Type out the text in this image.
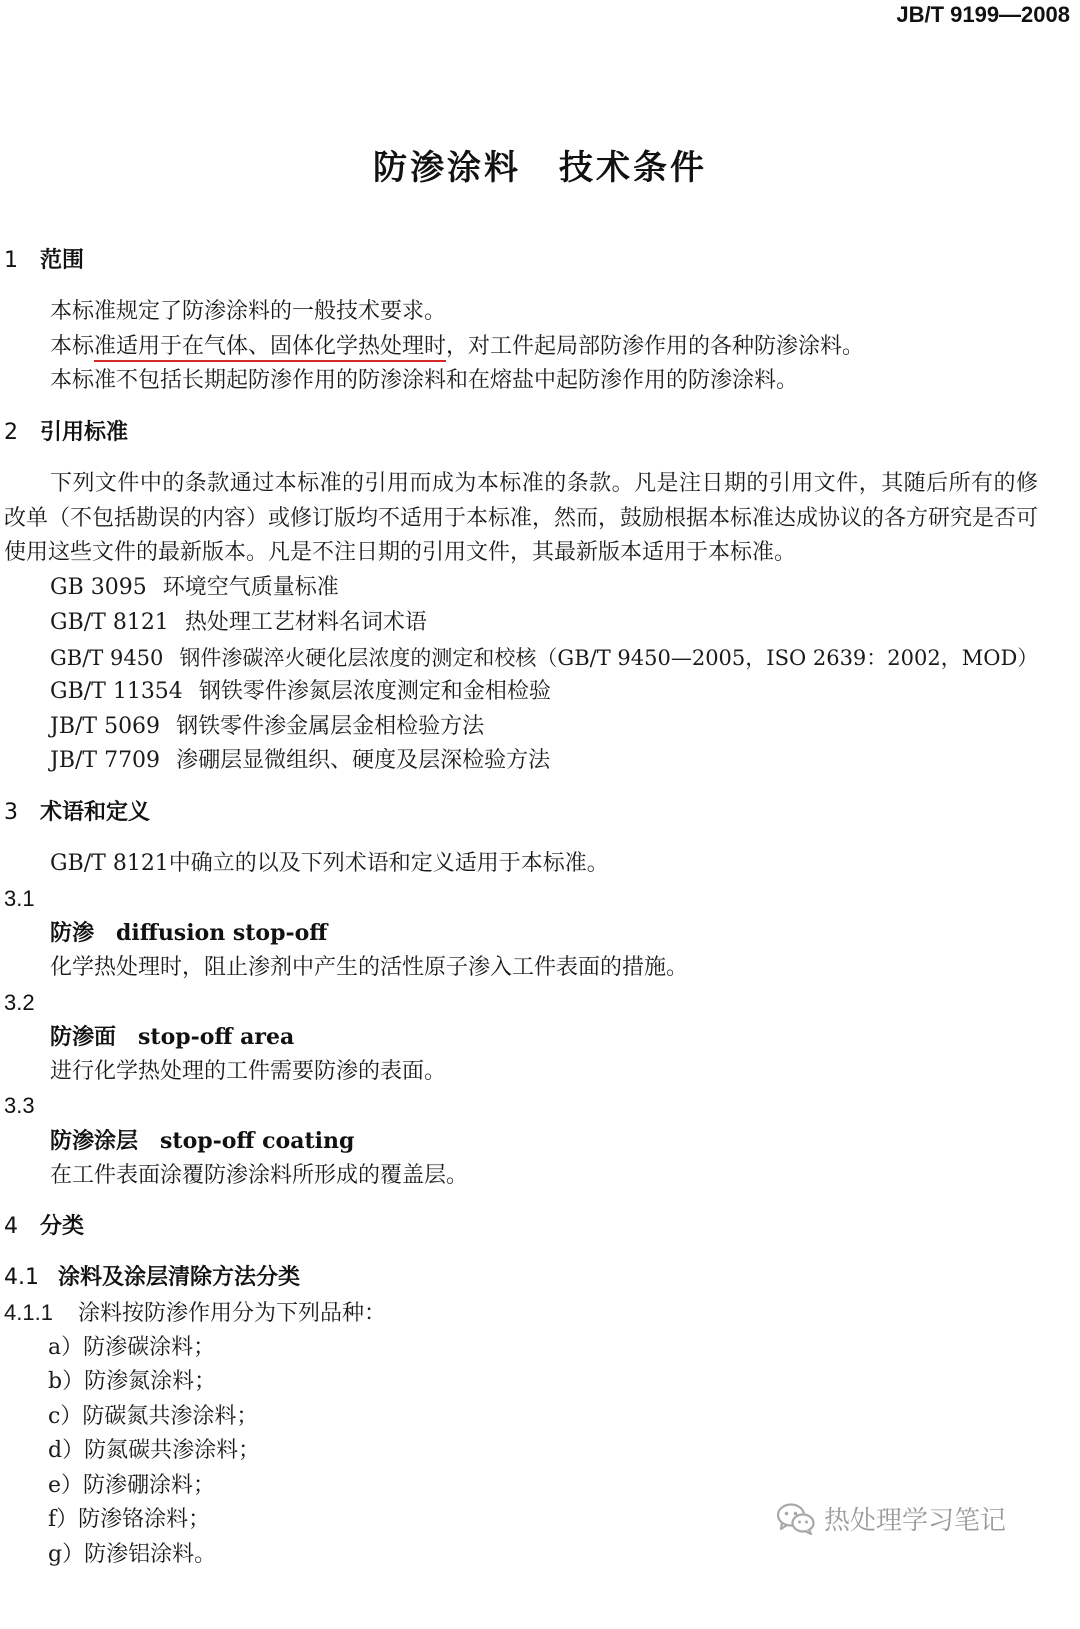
JB/T 9199—2008
防渗涂料 技术条件
1 范围
本标准规定了防渗涂料的一般技术要求。
本标准适用于在气体、固体化学热处理时，对工件起局部防渗作用的各种防渗涂料。
本标准不包括长期起防渗作用的防渗涂料和在熔盐中起防渗作用的防渗涂料。
2 引用标准
下列文件中的条款通过本标准的引用而成为本标准的条款。凡是注日期的引用文件，其随后所有的修改单（不包括勘误的内容）或修订版均不适用于本标准，然而，鼓励根据本标准达成协议的各方研究是否可使用这些文件的最新版本。凡是不注日期的引用文件，其最新版本适用于本标准。
GB 3095 环境空气质量标准
GB/T 8121 热处理工艺材料名词术语
GB/T 9450 钢件渗碳淬火硬化层浓度的测定和校核（GB/T 9450—2005，ISO 2639：2002，MOD）
GB/T 11354 钢铁零件渗氮层浓度测定和金相检验
JB/T 5069 钢铁零件渗金属层金相检验方法
JB/T 7709 渗硼层显微组织、硬度及层深检验方法
3 术语和定义
GB/T 8121中确立的以及下列术语和定义适用于本标准。
3.1
防渗 diffusion stop-off
化学热处理时，阻止渗剂中产生的活性原子渗入工件表面的措施。
3.2
防渗面 stop-off area
进行化学热处理的工件需要防渗的表面。
3.3
防渗涂层 stop-off coating
在工件表面涂覆防渗涂料所形成的覆盖层。
4 分类
4.1 涂料及涂层清除方法分类
4.1.1 涂料按防渗作用分为下列品种：
a）防渗碳涂料；
b）防渗氮涂料；
c）防碳氮共渗涂料；
d）防氮碳共渗涂料；
e）防渗硼涂料；
f）防渗铬涂料；
g）防渗铝涂料。
热处理学习笔记
